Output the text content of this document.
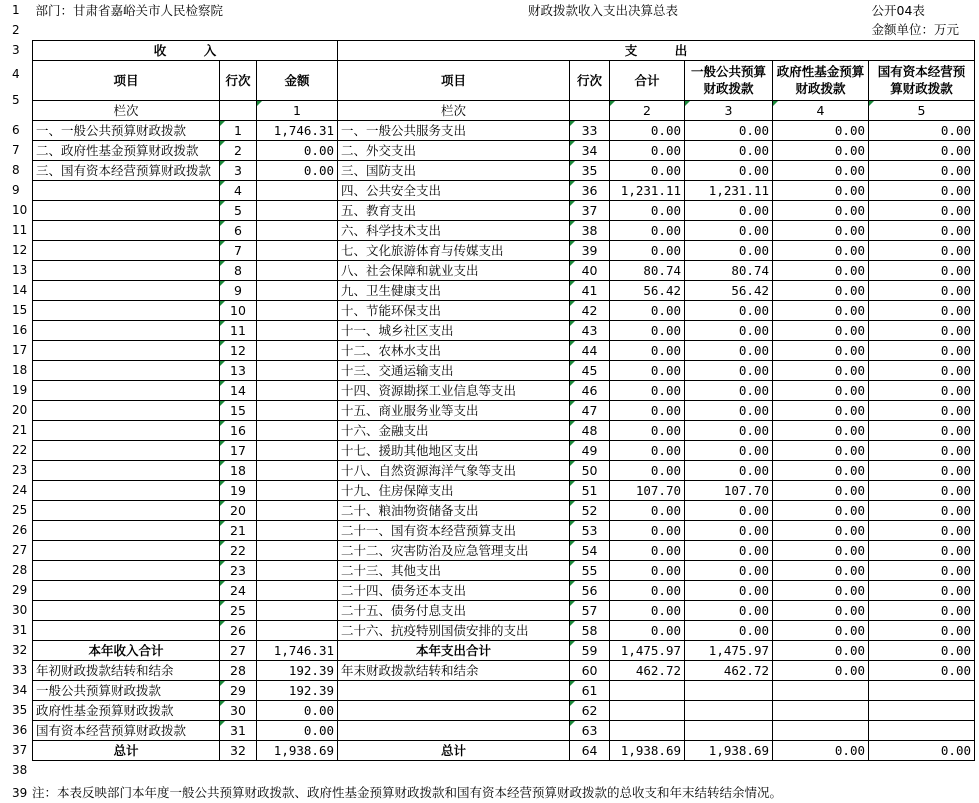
1
2
3
4
5
6
7
8
9
10
11
12
13
14
15
16
17
18
19
20
21
22
23
24
25
26
27
28
29
30
31
32
33
34
35
36
37
38
39
部门：甘肃省嘉峪关市人民检察院			财政拨款收入支出决算总表					公开04表
								金额单位：万元
收　　　入			支　　　出					
项目	行次	金额	项目	行次	合计	一般公共预算财政拨款	政府性基金预算财政拨款	国有资本经营预算财政拨款

栏次		1	栏次		2	3	4	5
一、一般公共预算财政拨款	1	1,746.31	一、一般公共服务支出	33	0.00	0.00	0.00	0.00
二、政府性基金预算财政拨款	2	0.00	二、外交支出	34	0.00	0.00	0.00	0.00
三、国有资本经营预算财政拨款	3	0.00	三、国防支出	35	0.00	0.00	0.00	0.00
	4		四、公共安全支出	36	1,231.11	1,231.11	0.00	0.00
	5		五、教育支出	37	0.00	0.00	0.00	0.00
	6		六、科学技术支出	38	0.00	0.00	0.00	0.00
	7		七、文化旅游体育与传媒支出	39	0.00	0.00	0.00	0.00
	8		八、社会保障和就业支出	40	80.74	80.74	0.00	0.00
	9		九、卫生健康支出	41	56.42	56.42	0.00	0.00
	10		十、节能环保支出	42	0.00	0.00	0.00	0.00
	11		十一、城乡社区支出	43	0.00	0.00	0.00	0.00
	12		十二、农林水支出	44	0.00	0.00	0.00	0.00
	13		十三、交通运输支出	45	0.00	0.00	0.00	0.00
	14		十四、资源勘探工业信息等支出	46	0.00	0.00	0.00	0.00
	15		十五、商业服务业等支出	47	0.00	0.00	0.00	0.00
	16		十六、金融支出	48	0.00	0.00	0.00	0.00
	17		十七、援助其他地区支出	49	0.00	0.00	0.00	0.00
	18		十八、自然资源海洋气象等支出	50	0.00	0.00	0.00	0.00
	19		十九、住房保障支出	51	107.70	107.70	0.00	0.00
	20		二十、粮油物资储备支出	52	0.00	0.00	0.00	0.00
	21		二十一、国有资本经营预算支出	53	0.00	0.00	0.00	0.00
	22		二十二、灾害防治及应急管理支出	54	0.00	0.00	0.00	0.00
	23		二十三、其他支出	55	0.00	0.00	0.00	0.00
	24		二十四、债务还本支出	56	0.00	0.00	0.00	0.00
	25		二十五、债务付息支出	57	0.00	0.00	0.00	0.00
	26		二十六、抗疫特别国债安排的支出	58	0.00	0.00	0.00	0.00
本年收入合计	27	1,746.31	本年支出合计	59	1,475.97	1,475.97	0.00	0.00
年初财政拨款结转和结余	28	192.39	年末财政拨款结转和结余	60	462.72	462.72	0.00	0.00
一般公共预算财政拨款	29	192.39		61				
政府性基金预算财政拨款	30	0.00		62				
国有资本经营预算财政拨款	31	0.00		63				
总计	32	1,938.69	总计	64	1,938.69	1,938.69	0.00	0.00
注：本表反映部门本年度一般公共预算财政拨款、政府性基金预算财政拨款和国有资本经营预算财政拨款的总收支和年末结转结余情况。
